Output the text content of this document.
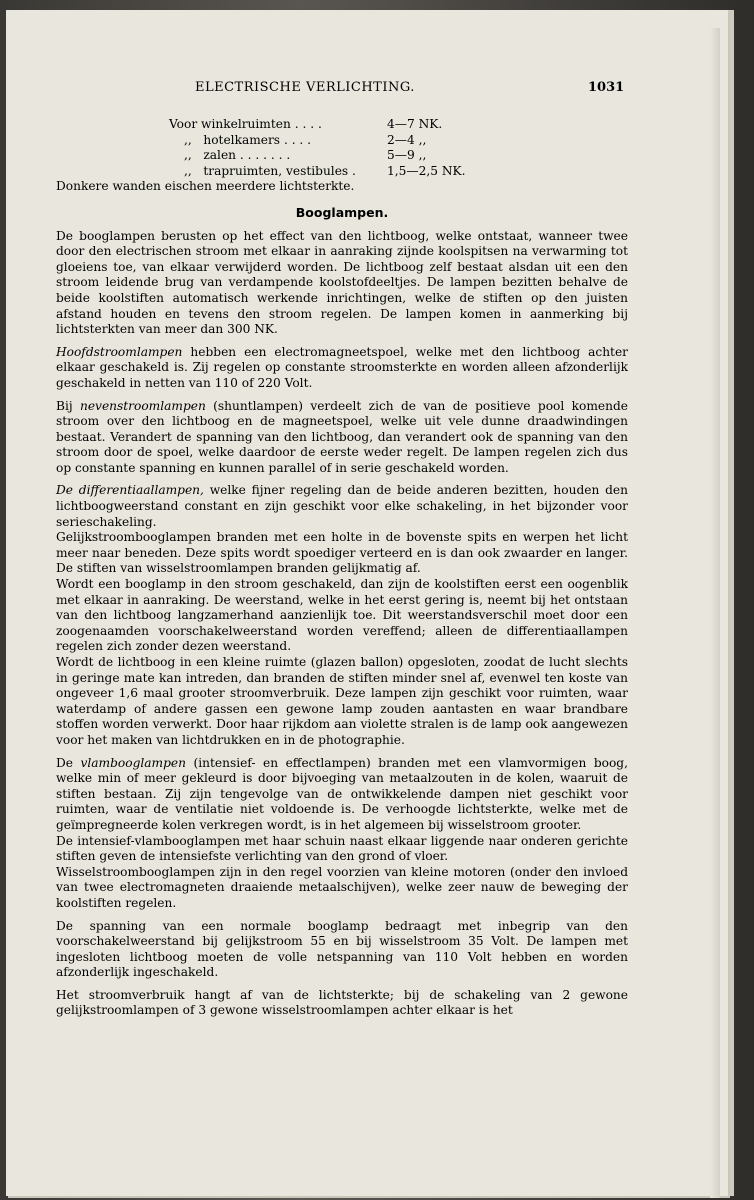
ELECTRISCHE VERLICHTING.	1031
Voor winkelruimten . . . .	4—7 NK.
,,   hotelkamers . . . .	2—4 ,,
,,   zalen . . . . . . .	5—9 ,,
,,   trapruimten, vestibules .	1,5—2,5 NK.
Donkere wanden eischen meerdere lichtsterkte.
Booglampen.

De booglampen berusten op het effect van den lichtboog, welke ontstaat, wanneer twee door den electrischen stroom met elkaar in aanraking zijnde koolspitsen na verwarming tot gloeiens toe, van elkaar verwijderd worden. De lichtboog zelf bestaat alsdan uit een den stroom leidende brug van verdampende koolstofdeeltjes. De lampen bezitten behalve de beide koolstiften automatisch werkende inrichtingen, welke de stiften op den juisten afstand houden en tevens den stroom regelen. De lampen komen in aanmerking bij lichtsterkten van meer dan 300 NK.

Hoofdstroomlampen hebben een electromagneetspoel, welke met den lichtboog achter elkaar geschakeld is. Zij regelen op constante stroomsterkte en worden alleen afzonderlijk geschakeld in netten van 110 of 220 Volt.

Bij nevenstroomlampen (shuntlampen) verdeelt zich de van de positieve pool komende stroom over den lichtboog en de magneetspoel, welke uit vele dunne draadwindingen bestaat. Verandert de spanning van den lichtboog, dan verandert ook de spanning van den stroom door de spoel, welke daardoor de eerste weder regelt. De lampen regelen zich dus op constante spanning en kunnen parallel of in serie geschakeld worden.

De differentiaallampen, welke fijner regeling dan de beide anderen bezitten, houden den lichtboogweerstand constant en zijn geschikt voor elke schakeling, in het bijzonder voor serieschakeling.

Gelijkstroombooglampen branden met een holte in de bovenste spits en werpen het licht meer naar beneden. Deze spits wordt spoediger verteerd en is dan ook zwaarder en langer. De stiften van wisselstroomlampen branden gelijkmatig af.

Wordt een booglamp in den stroom geschakeld, dan zijn de koolstiften eerst een oogenblik met elkaar in aanraking. De weerstand, welke in het eerst gering is, neemt bij het ontstaan van den lichtboog langzamerhand aanzienlijk toe. Dit weerstandsverschil moet door een zoogenaamden voorschakelweerstand worden vereffend; alleen de differentiaallampen regelen zich zonder dezen weerstand.

Wordt de lichtboog in een kleine ruimte (glazen ballon) opgesloten, zoodat de lucht slechts in geringe mate kan intreden, dan branden de stiften minder snel af, evenwel ten koste van ongeveer 1,6 maal grooter stroomverbruik. Deze lampen zijn geschikt voor ruimten, waar waterdamp of andere gassen een gewone lamp zouden aantasten en waar brandbare stoffen worden verwerkt. Door haar rijkdom aan violette stralen is de lamp ook aangewezen voor het maken van lichtdrukken en in de photographie.

De vlambooglampen (intensief- en effectlampen) branden met een vlamvormigen boog, welke min of meer gekleurd is door bijvoeging van metaalzouten in de kolen, waaruit de stiften bestaan. Zij zijn tengevolge van de ontwikkelende dampen niet geschikt voor ruimten, waar de ventilatie niet voldoende is. De verhoogde lichtsterkte, welke met de geïmpregneerde kolen verkregen wordt, is in het algemeen bij wisselstroom grooter.

De intensief-vlambooglampen met haar schuin naast elkaar liggende naar onderen gerichte stiften geven de intensiefste verlichting van den grond of vloer.

Wisselstroombooglampen zijn in den regel voorzien van kleine motoren (onder den invloed van twee electromagneten draaiende metaalschijven), welke zeer nauw de beweging der koolstiften regelen.

De spanning van een normale booglamp bedraagt met inbegrip van den voorschakelweerstand bij gelijkstroom 55 en bij wisselstroom 35 Volt. De lampen met ingesloten lichtboog moeten de volle netspanning van 110 Volt hebben en worden afzonderlijk ingeschakeld.

Het stroomverbruik hangt af van de lichtsterkte; bij de schakeling van 2 gewone gelijkstroomlampen of 3 gewone wisselstroomlampen achter elkaar is het
